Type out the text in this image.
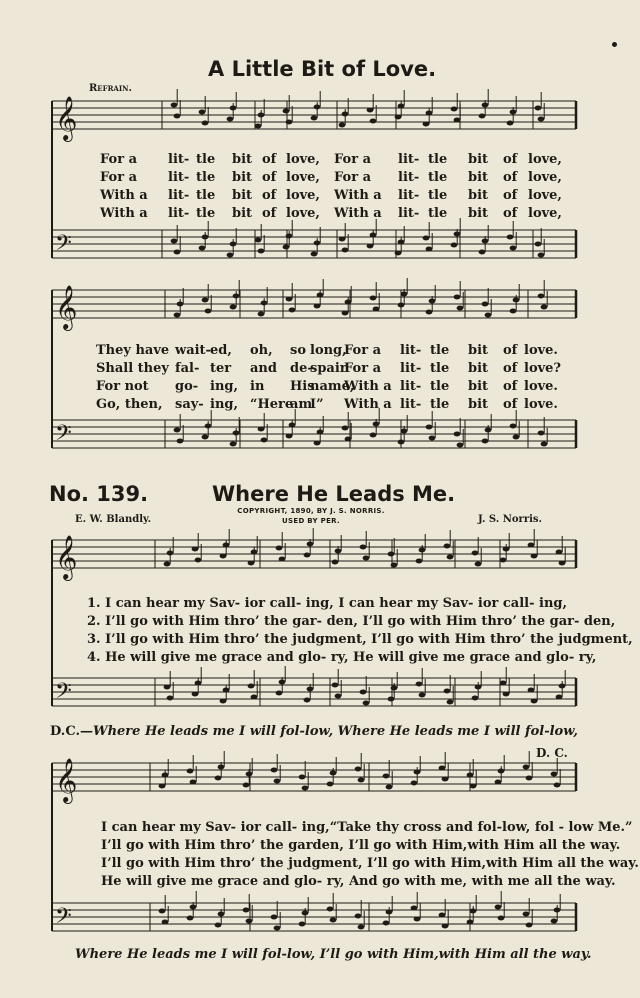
𝄞
𝄢
𝄞
𝄢
𝄞
𝄢
𝄞
𝄢
A Little Bit of Love.
Refrain.
For a lit- tle bit of love, For a lit- tle bit of love,
For a lit- tle bit of love, For a lit- tle bit of love,
With a lit- tle bit of love, With a lit- tle bit of love,
With a lit- tle bit of love, With a lit- tle bit of love,
They have wait- ed, oh, so long,
For a lit- tle bit of love.
Shall they fal- ter and de-
spair
For a lit- tle bit of love?
For not go- ing, in His
name,
With a lit- tle bit of love.
Go, then, say- ing, “Here
am
I” With a lit- tle bit of love.
No. 139.	Where He Leads Me.
E. W. Blandly.
COPYRIGHT, 1890, BY J. S. NORRIS.
USED BY PER.	J. S. Norris.
1. I can hear my Sav- ior call- ing, I can hear my Sav- ior call- ing,
2. I’ll go with Him thro’ the gar- den, I’ll go with Him thro’ the gar- den,
3. I’ll go with Him thro’ the judgment, I’ll go with Him thro’ the judgment,
4. He will give me grace and glo- ry, He will give me grace and glo- ry,
D.C.—Where He leads me I will fol-low, Where He leads me I will fol-low,
D. C.
I can hear my Sav- ior call- ing,“Take thy cross and fol-low, fol - low Me.”
I’ll go with Him thro’ the garden, I’ll go with Him,with Him all the way.
I’ll go with Him thro’ the judgment, I’ll go with Him,with Him all the way.
He will give me grace and glo- ry, And go with me, with me all the way.
Where He leads me I will fol-low, I’ll go with Him,with Him all the way.
